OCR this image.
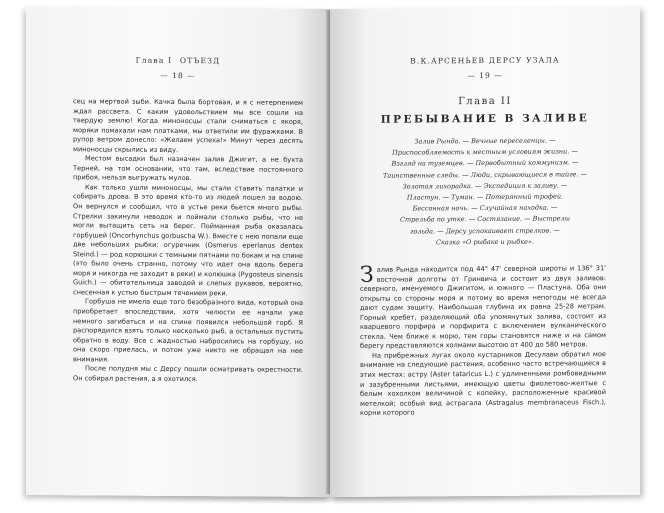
Глава I ОТЪЕЗД
— 18 —

сец на мертвой зыби. Качка была бортовая, и я с нетерпением ждал рассвета. С каким удовольствием мы все сошли на твердую землю! Когда миноносцы стали сниматься с якоря, моряки помахали нам платками, мы ответили им фуражками. В рупор ветром донесло: «Желаем успеха!» Минут через десять миноносцы скрылись из виду.

Местом высадки был назначен залив Джигит, а не бухта Терней, на том основании, что там, вследствие постоянного прибоя, нельзя выгружать мулов.

Как только ушли миноносцы, мы стали ставить палатки и собирать дрова. В это время кто-то из людей пошел за водою. Он вернулся и сообщил, что в устье реки бьется много рыбы. Стрелки закинули неводок и поймали столько рыбы, что не могли вытащить сеть на берег. Пойманная рыба оказалась горбушей (Oncorhynchus gorbuscha W.). Вместе с нею попали еще две небольших рыбки: огуречник (Osmerus eperlanus dentex Steind.) — род корюшки с темными пятнами по бокам и на спине (это было очень странно, потому что идет она вдоль берега моря и никогда не заходит в реки) и колюшка (Pygosteus sinensis Guich.) — обитательница заводей и слепых рукавов, вероятно, снесенная к устью быстрым течением реки.

Горбуша не имела еще того безобразного вида, который она приобретает впоследствии, хотя челюсти ее начали уже немного загибаться и на спине появился небольшой горб. Я распорядился взять только несколько рыб, а остальных пустить обратно в воду. Все с жадностью набросились на горбушу, но она скоро приелась, и потом уже никто не обращал на нее внимания.

После полудня мы с Дерсу пошли осматривать окрестности. Он собирал растения, а я охотился.

В.К.АРСЕНЬЕВ ДЕРСУ УЗАЛА
— 19 —
Глава II
ПРЕБЫВАНИЕ В ЗАЛИВЕ
Залив Рында. — Вечные переселенцы. —
Приспособляемость к местным условиям жизни. —
Взгляд на туземцев. — Первобытный коммунизм. —
Таинственные следы. — Люди, скрывающиеся в тайге. —
Золотая лихорадка. — Экспедиция к заливу. —
Пластун. — Туман. — Потерянный трофей.
Бессонная ночь. — Случайная находка. —
Стрельба по утке. — Состязание. — Выстрелы
гольда. — Дерсу успокаивает стрелков. —
Сказка «О рыбаке и рыбке».
З алив Рында находится под 44° 47' северной широты и 136° 31' восточной долготы от Гринвича и состоит из двух заливов: северного, именуемого Джигитом, и южного — Пластуна. Оба они открыты со стороны моря и потому во время непогоды не всегда дают судам защиту. Наибольшая глубина их равна 25-28 метрам. Горный хребет, разделяющий оба упомянутых залива, состоит из кварцевого порфира и порфирита с включением вулканического стекла. Чем ближе к морю, тем горы становятся ниже и на самом берегу представляются холмами высотою от 400 до 580 метров.

На прибрежных лугах около кустарников Десулави обратил мое внимание на следующие растения, особенно часто встречающиеся в этих местах: астру (Aster tataricus L.) с удлиненными ромбовидными и зазубренными листьями, имеющую цветы фиолетово-желтые с белым хохолком величиной с копейку, расположенные красивой метелкой; особый вид астрагала (Astragalus membranaceus Fisch.), корни которого
